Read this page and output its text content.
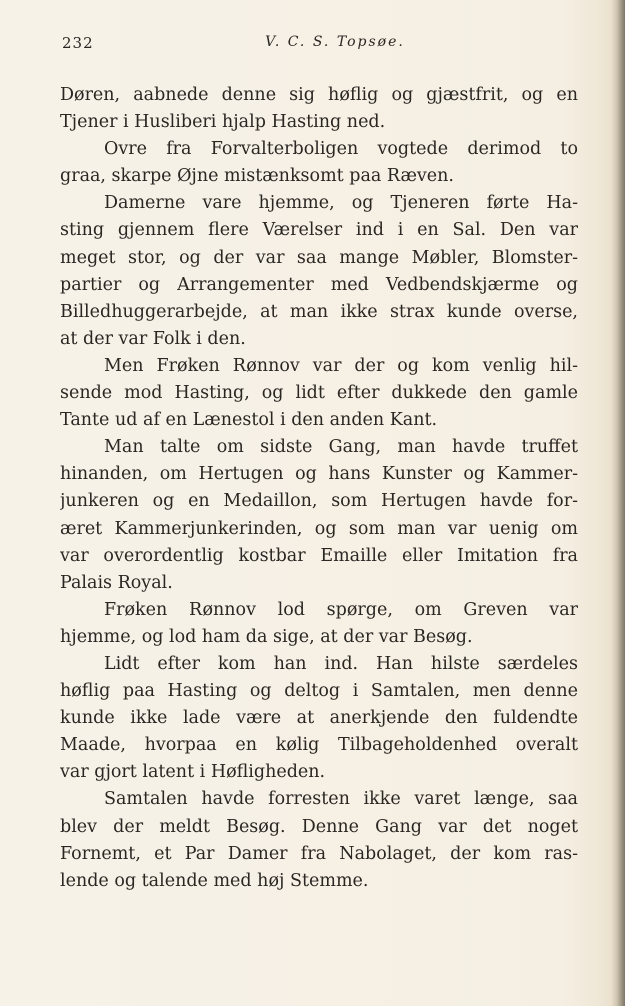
232	V. C. S. Topsøe.
Døren, aabnede denne sig høflig og gjæstfrit, og en
Tjener i Husliberi hjalp Hasting ned.
Ovre fra Forvalterboligen vogtede derimod to
graa, skarpe Øjne mistænksomt paa Ræven.
Damerne vare hjemme, og Tjeneren førte Ha-
sting gjennem flere Værelser ind i en Sal. Den var
meget stor, og der var saa mange Møbler, Blomster-
partier og Arrangementer med Vedbendskjærme og
Billedhuggerarbejde, at man ikke strax kunde overse,
at der var Folk i den.
Men Frøken Rønnov var der og kom venlig hil-
sende mod Hasting, og lidt efter dukkede den gamle
Tante ud af en Lænestol i den anden Kant.
Man talte om sidste Gang, man havde truffet
hinanden, om Hertugen og hans Kunster og Kammer-
junkeren og en Medaillon, som Hertugen havde for-
æret Kammerjunkerinden, og som man var uenig om
var overordentlig kostbar Emaille eller Imitation fra
Palais Royal.
Frøken Rønnov lod spørge, om Greven var
hjemme, og lod ham da sige, at der var Besøg.
Lidt efter kom han ind. Han hilste særdeles
høflig paa Hasting og deltog i Samtalen, men denne
kunde ikke lade være at anerkjende den fuldendte
Maade, hvorpaa en kølig Tilbageholdenhed overalt
var gjort latent i Høfligheden.
Samtalen havde forresten ikke varet længe, saa
blev der meldt Besøg. Denne Gang var det noget
Fornemt, et Par Damer fra Nabolaget, der kom ras-
lende og talende med høj Stemme.
